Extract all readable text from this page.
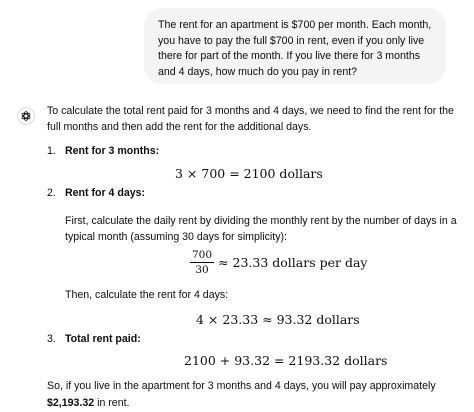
The rent for an apartment is $700 per month. Each month, you have to pay the full $700 in rent, even if you only live there for part of the month. If you live there for 3 months and 4 days, how much do you pay in rent?

To calculate the total rent paid for 3 months and 4 days, we need to find the rent for the full months and then add the rent for the additional days.

1. Rent for 3 months:
3 × 700 = 2100 dollars
2. Rent for 4 days:
First, calculate the daily rent by dividing the monthly rent by the number of days in a typical month (assuming 30 days for simplicity):
$\frac{700}{30} \approx 23.33$ dollars per day
Then, calculate the rent for 4 days:
4 × 23.33 ≈ 93.32 dollars
3. Total rent paid:
2100 + 93.32 = 2193.32 dollars
So, if you live in the apartment for 3 months and 4 days, you will pay approximately $2,193.32 in rent.
